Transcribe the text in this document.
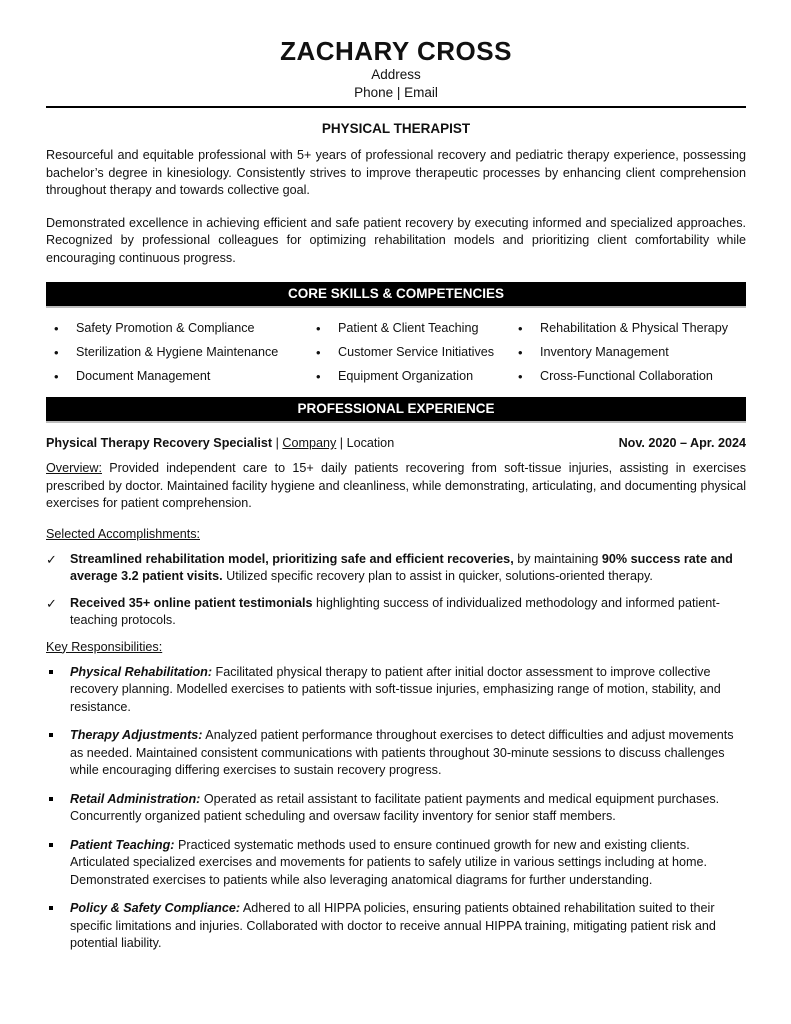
ZACHARY CROSS
Address
Phone | Email
PHYSICAL THERAPIST
Resourceful and equitable professional with 5+ years of professional recovery and pediatric therapy experience, possessing bachelor’s degree in kinesiology. Consistently strives to improve therapeutic processes by enhancing client comprehension throughout therapy and towards collective goal.
Demonstrated excellence in achieving efficient and safe patient recovery by executing informed and specialized approaches. Recognized by professional colleagues for optimizing rehabilitation models and prioritizing client comfortability while encouraging continuous progress.
CORE SKILLS & COMPETENCIES
• Safety Promotion & Compliance	• Patient & Client Teaching	• Rehabilitation & Physical Therapy
• Sterilization & Hygiene Maintenance	• Customer Service Initiatives	• Inventory Management
• Document Management	• Equipment Organization	• Cross-Functional Collaboration
PROFESSIONAL EXPERIENCE
Physical Therapy Recovery Specialist | Company | Location	Nov. 2020 – Apr. 2024
Overview: Provided independent care to 15+ daily patients recovering from soft-tissue injuries, assisting in exercises prescribed by doctor. Maintained facility hygiene and cleanliness, while demonstrating, articulating, and documenting physical exercises for patient comprehension.
Selected Accomplishments:
✓ Streamlined rehabilitation model, prioritizing safe and efficient recoveries, by maintaining 90% success rate and average 3.2 patient visits. Utilized specific recovery plan to assist in quicker, solutions-oriented therapy.
✓ Received 35+ online patient testimonials highlighting success of individualized methodology and informed patient-teaching protocols.
Key Responsibilities:
Physical Rehabilitation: Facilitated physical therapy to patient after initial doctor assessment to improve collective recovery planning. Modelled exercises to patients with soft-tissue injuries, emphasizing range of motion, stability, and resistance.
Therapy Adjustments: Analyzed patient performance throughout exercises to detect difficulties and adjust movements as needed. Maintained consistent communications with patients throughout 30-minute sessions to discuss challenges while encouraging differing exercises to sustain recovery progress.
Retail Administration: Operated as retail assistant to facilitate patient payments and medical equipment purchases. Concurrently organized patient scheduling and oversaw facility inventory for senior staff members.
Patient Teaching: Practiced systematic methods used to ensure continued growth for new and existing clients. Articulated specialized exercises and movements for patients to safely utilize in various settings including at home. Demonstrated exercises to patients while also leveraging anatomical diagrams for further understanding.
Policy & Safety Compliance: Adhered to all HIPPA policies, ensuring patients obtained rehabilitation suited to their specific limitations and injuries. Collaborated with doctor to receive annual HIPPA training, mitigating patient risk and potential liability.
